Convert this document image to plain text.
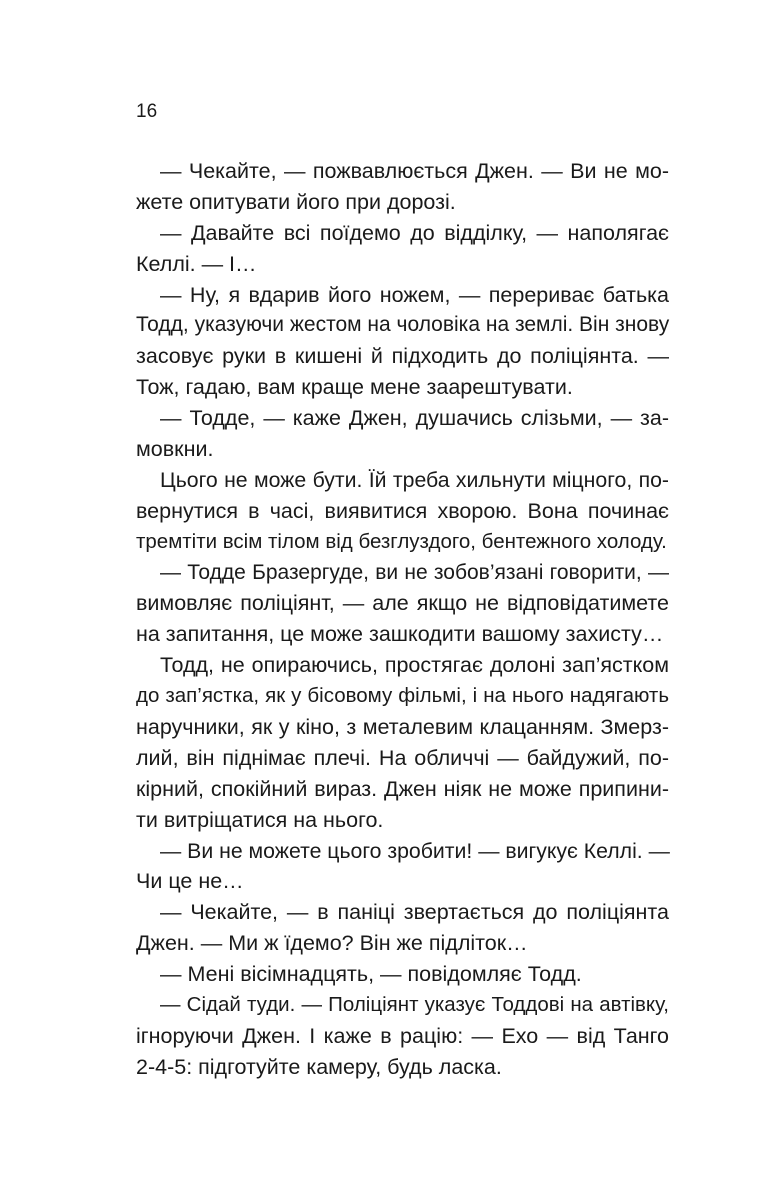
16
— Чекайте, — пожвавлюється Джен. — Ви не мо-
жете опитувати його при дорозі.
— Давайте всі поїдемо до відділку, — наполягає
Келлі. — І…
— Ну, я вдарив його ножем, — перериває батька
Тодд, указуючи жестом на чоловіка на землі. Він знову
засовує руки в кишені й підходить до поліціянта. —
Тож, гадаю, вам краще мене заарештувати.
— Тодде, — каже Джен, душачись слізьми, — за-
мовкни.
Цього не може бути. Їй треба хильнути міцного, по-
вернутися в часі, виявитися хворою. Вона починає
тремтіти всім тілом від безглуздого, бентежного холоду.
— Тодде Бразергуде, ви не зобов’язані говорити, —
вимовляє поліціянт, — але якщо не відповідатимете
на запитання, це може зашкодити вашому захисту…
Тодд, не опираючись, простягає долоні зап’ястком
до зап’ястка, як у бісовому фільмі, і на нього надягають
наручники, як у кіно, з металевим клацанням. Змерз-
лий, він піднімає плечі. На обличчі — байдужий, по-
кірний, спокійний вираз. Джен ніяк не може припини-
ти витріщатися на нього.
— Ви не можете цього зробити! — вигукує Келлі. —
Чи це не…
— Чекайте, — в паніці звертається до поліціянта
Джен. — Ми ж їдемо? Він же підліток…
— Мені вісімнадцять, — повідомляє Тодд.
— Сідай туди. — Поліціянт указує Тоддові на автівку,
ігноруючи Джен. І каже в рацію: — Ехо — від Танго
2-4-5: підготуйте камеру, будь ласка.
